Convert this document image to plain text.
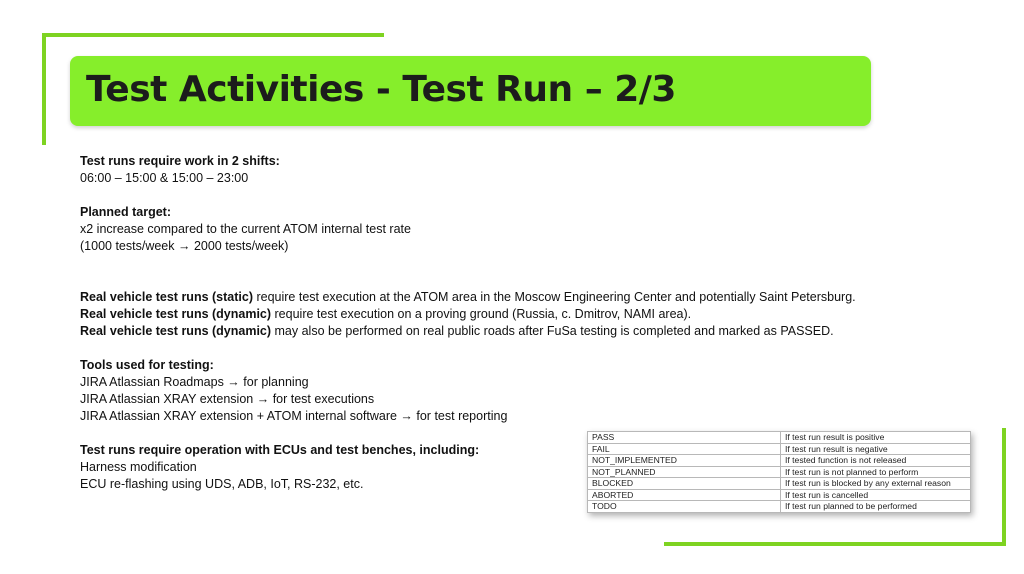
Test Activities - Test Run – 2/3

Test runs require work in 2 shifts:

06:00 – 15:00 & 15:00 – 23:00

Planned target:

x2 increase compared to the current ATOM internal test rate

(1000 tests/week → 2000 tests/week)

Real vehicle test runs (static) require test execution at the ATOM area in the Moscow Engineering Center and potentially Saint Petersburg.

Real vehicle test runs (dynamic) require test execution on a proving ground (Russia, c. Dmitrov, NAMI area).

Real vehicle test runs (dynamic) may also be performed on real public roads after FuSa testing is completed and marked as PASSED.

Tools used for testing:

JIRA Atlassian Roadmaps → for planning

JIRA Atlassian XRAY extension → for test executions

JIRA Atlassian XRAY extension + ATOM internal software → for test reporting

Test runs require operation with ECUs and test benches, including:

Harness modification

ECU re-flashing using UDS, ADB, IoT, RS-232, etc.

PASS	If test run result is positive
FAIL	If test run result is negative
NOT_IMPLEMENTED	If tested function is not released
NOT_PLANNED	If test run is not planned to perform
BLOCKED	If test run is blocked by any external reason
ABORTED	If test run is cancelled
TODO	If test run planned to be performed
